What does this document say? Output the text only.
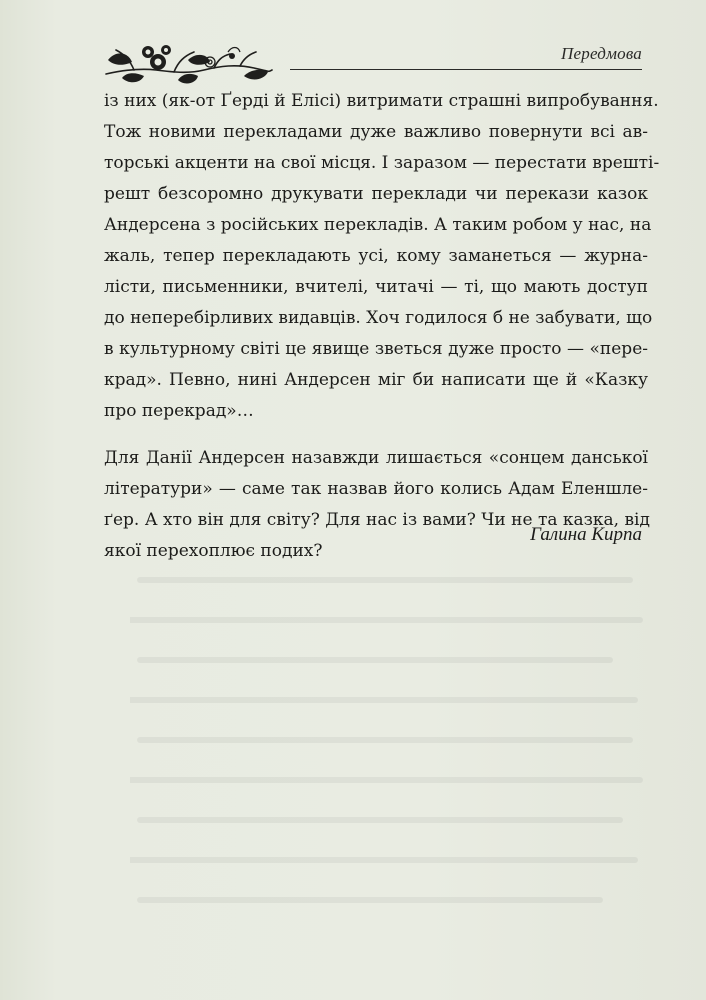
Передмова

із них (як-от Ґерді й Елісі) витримати страшні випробування.
Тож новими перекладами дуже важливо повернути всі ав-
торські акценти на свої місця. І заразом — перестати врешті-
решт безсоромно друкувати переклади чи перекази казок
Андерсена з російських перекладів. А таким робом у нас, на
жаль, тепер перекладають усі, кому заманеться — журна-
лісти, письменники, вчителі, читачі — ті, що мають доступ
до неперебірливих видавців. Хоч годилося б не забувати, що
в культурному світі це явище зветься дуже просто — «пере-
крад». Певно, нині Андерсен міг би написати ще й «Казку
про перекрад»…

Для Данії Андерсен назавжди лишається «сонцем данської
літератури» — саме так назвав його колись Адам Еленшле-
ґер. А хто він для світу? Для нас із вами? Чи не та казка, від
якої перехоплює подих?

Галина Кирпа
